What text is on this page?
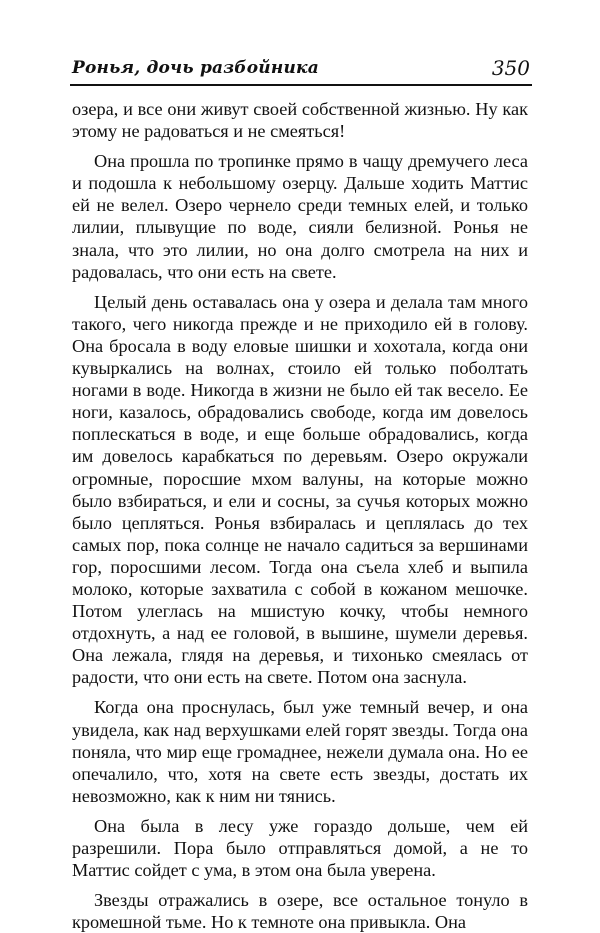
Ронья, дочь разбойника	350

озера, и все они живут своей собственной жизнью. Ну как этому не радоваться и не смеяться!

Она прошла по тропинке прямо в чащу дремучего леса и подошла к небольшому озерцу. Дальше ходить Маттис ей не велел. Озеро чернело среди темных елей, и только лилии, плывущие по воде, сияли белизной. Ронья не знала, что это лилии, но она долго смотрела на них и радовалась, что они есть на свете.

Целый день оставалась она у озера и делала там много такого, чего никогда прежде и не приходило ей в голову. Она бросала в воду еловые шишки и хохотала, когда они кувыркались на волнах, стоило ей только поболтать ногами в воде. Никогда в жизни не было ей так весело. Ее ноги, казалось, обрадовались свободе, когда им довелось поплескаться в воде, и еще больше обрадовались, когда им довелось карабкаться по деревьям. Озеро окружали огромные, поросшие мхом валуны, на которые можно было взбираться, и ели и сосны, за сучья которых можно было цепляться. Ронья взбиралась и цеплялась до тех самых пор, пока солнце не начало садиться за вершинами гор, поросшими лесом. Тогда она съела хлеб и выпила молоко, которые захватила с собой в кожаном мешочке. Потом улеглась на мшистую кочку, чтобы немного отдохнуть, а над ее головой, в вышине, шумели деревья. Она лежала, глядя на деревья, и тихонько смеялась от радости, что они есть на свете. Потом она заснула.

Когда она проснулась, был уже темный вечер, и она увидела, как над верхушками елей горят звезды. Тогда она поняла, что мир еще громаднее, нежели думала она. Но ее опечалило, что, хотя на свете есть звезды, достать их невозможно, как к ним ни тянись.

Она была в лесу уже гораздо дольше, чем ей разрешили. Пора было отправляться домой, а не то Маттис сойдет с ума, в этом она была уверена.

Звезды отражались в озере, все остальное тонуло в кромешной тьме. Но к темноте она привыкла. Она
